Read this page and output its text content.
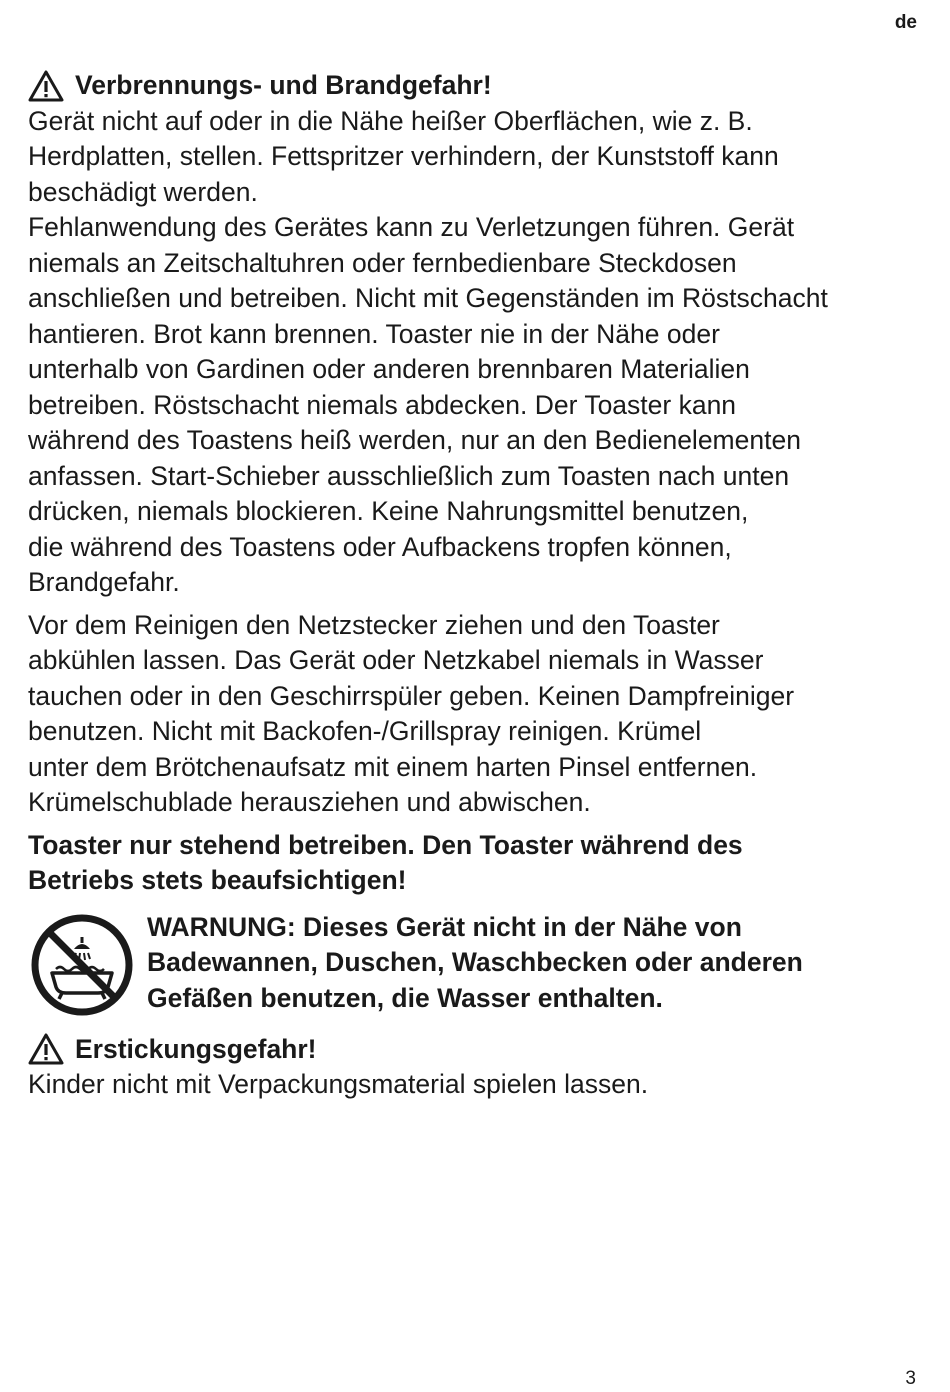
de
Verbrennungs- und Brandgefahr!

Gerät nicht auf oder in die Nähe heißer Oberflächen, wie z. B.
Herdplatten, stellen. Fettspritzer verhindern, der Kunststoff kann
beschädigt werden.
Fehlanwendung des Gerätes kann zu Verletzungen führen. Gerät
niemals an Zeitschaltuhren oder fernbedienbare Steckdosen
anschließen und betreiben. Nicht mit Gegenständen im Röstschacht
hantieren. Brot kann brennen. Toaster nie in der Nähe oder
unterhalb von Gardinen oder anderen brennbaren Materialien
betreiben. Röstschacht niemals abdecken. Der Toaster kann
während des Toastens heiß werden, nur an den Bedienelementen
anfassen. Start-Schieber ausschließlich zum Toasten nach unten
drücken, niemals blockieren. Keine Nahrungsmittel benutzen,
die während des Toastens oder Aufbackens tropfen können,
Brandgefahr.

Vor dem Reinigen den Netzstecker ziehen und den Toaster
abkühlen lassen. Das Gerät oder Netzkabel niemals in Wasser
tauchen oder in den Geschirrspüler geben. Keinen Dampfreiniger
benutzen. Nicht mit Backofen-/Grillspray reinigen. Krümel
unter dem Brötchenaufsatz mit einem harten Pinsel entfernen.
Krümelschublade herausziehen und abwischen.

Toaster nur stehend betreiben. Den Toaster während des
Betriebs stets beaufsichtigen!

WARNUNG: Dieses Gerät nicht in der Nähe von
Badewannen, Duschen, Waschbecken oder anderen
Gefäßen benutzen, die Wasser enthalten.
Erstickungsgefahr!

Kinder nicht mit Verpackungsmaterial spielen lassen.

3
